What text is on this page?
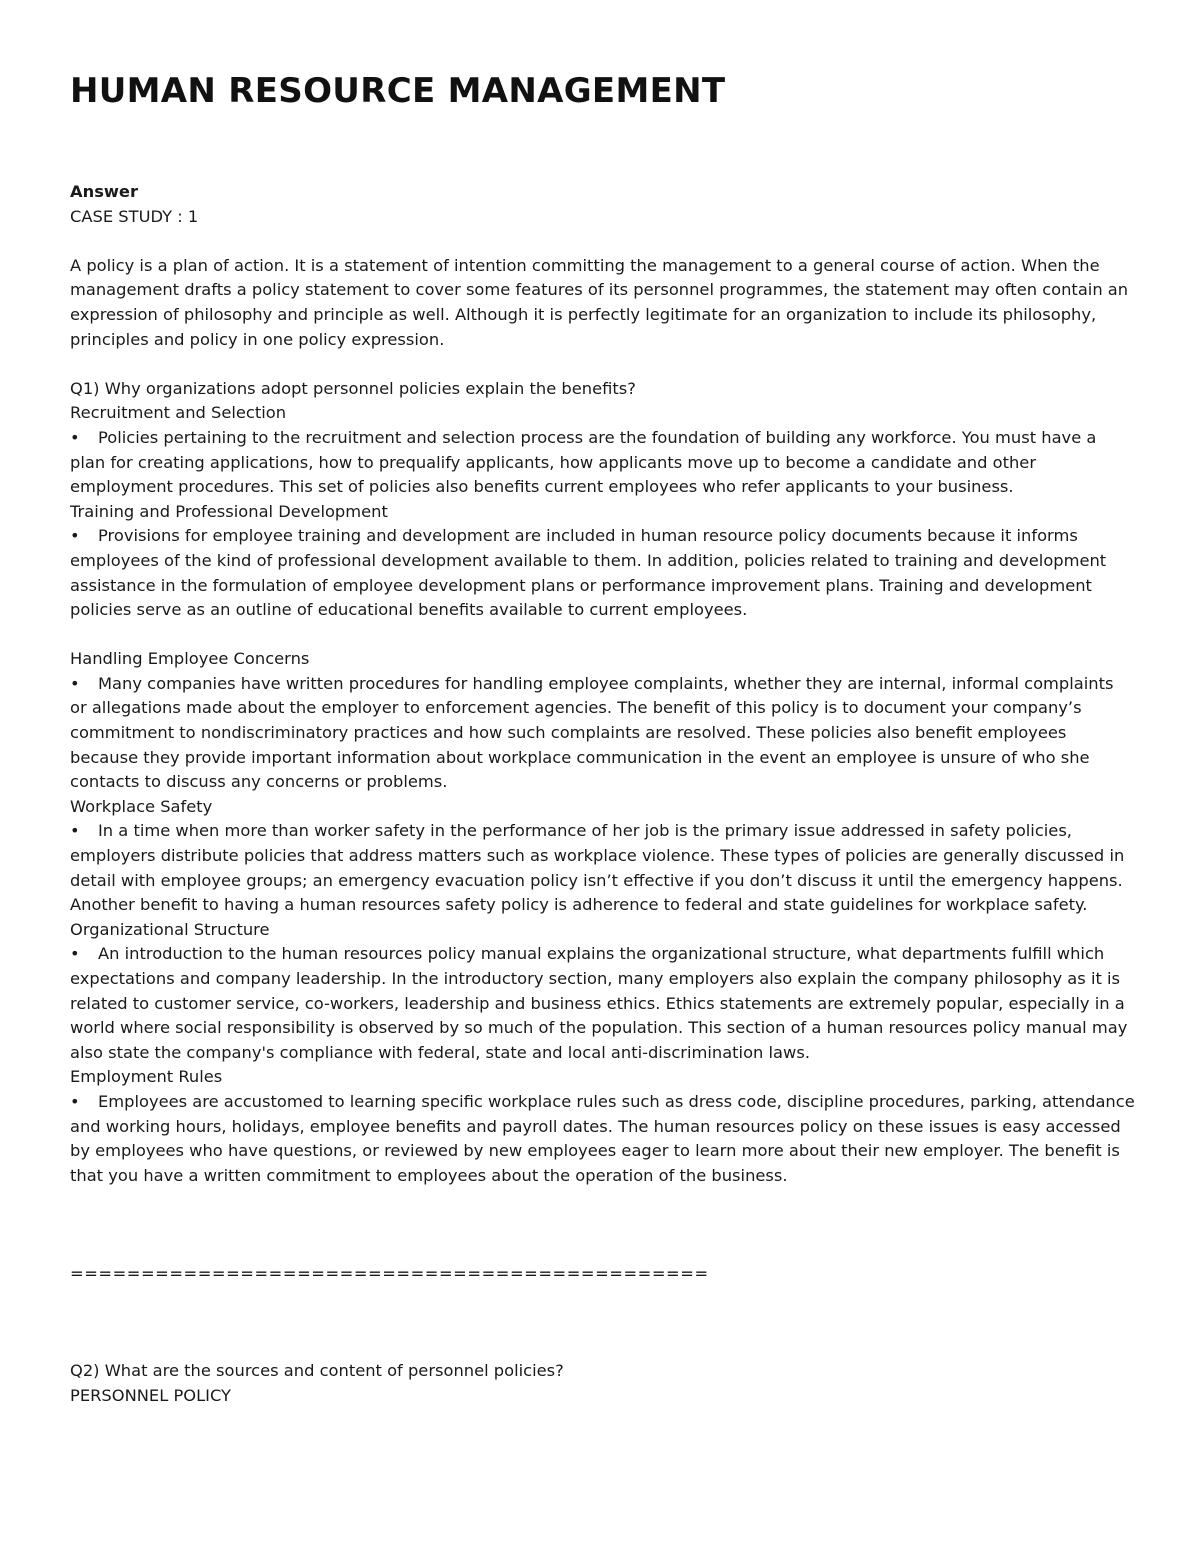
HUMAN RESOURCE MANAGEMENT

Answer

CASE STUDY : 1

A policy is a plan of action. It is a statement of intention committing the management to a general course of action. When the management drafts a policy statement to cover some features of its personnel programmes, the statement may often contain an expression of philosophy and principle as well. Although it is perfectly legitimate for an organization to include its philosophy, principles and policy in one policy expression.

Q1) Why organizations adopt personnel policies explain the benefits?

Recruitment and Selection

• Policies pertaining to the recruitment and selection process are the foundation of building any workforce. You must have a plan for creating applications, how to prequalify applicants, how applicants move up to become a candidate and other employment procedures. This set of policies also benefits current employees who refer applicants to your business.

Training and Professional Development

• Provisions for employee training and development are included in human resource policy documents because it informs employees of the kind of professional development available to them. In addition, policies related to training and development assistance in the formulation of employee development plans or performance improvement plans. Training and development policies serve as an outline of educational benefits available to current employees.

Handling Employee Concerns

• Many companies have written procedures for handling employee complaints, whether they are internal, informal complaints or allegations made about the employer to enforcement agencies. The benefit of this policy is to document your company’s commitment to nondiscriminatory practices and how such complaints are resolved. These policies also benefit employees because they provide important information about workplace communication in the event an employee is unsure of who she contacts to discuss any concerns or problems.

Workplace Safety

• In a time when more than worker safety in the performance of her job is the primary issue addressed in safety policies, employers distribute policies that address matters such as workplace violence. These types of policies are generally discussed in detail with employee groups; an emergency evacuation policy isn’t effective if you don’t discuss it until the emergency happens. Another benefit to having a human resources safety policy is adherence to federal and state guidelines for workplace safety.

Organizational Structure

• An introduction to the human resources policy manual explains the organizational structure, what departments fulfill which expectations and company leadership. In the introductory section, many employers also explain the company philosophy as it is related to customer service, co-workers, leadership and business ethics. Ethics statements are extremely popular, especially in a world where social responsibility is observed by so much of the population. This section of a human resources policy manual may also state the company's compliance with federal, state and local anti-discrimination laws.

Employment Rules

• Employees are accustomed to learning specific workplace rules such as dress code, discipline procedures, parking, attendance and working hours, holidays, employee benefits and payroll dates. The human resources policy on these issues is easy accessed by employees who have questions, or reviewed by new employees eager to learn more about their new employer. The benefit is that you have a written commitment to employees about the operation of the business.

=============================================

Q2) What are the sources and content of personnel policies?

PERSONNEL POLICY
